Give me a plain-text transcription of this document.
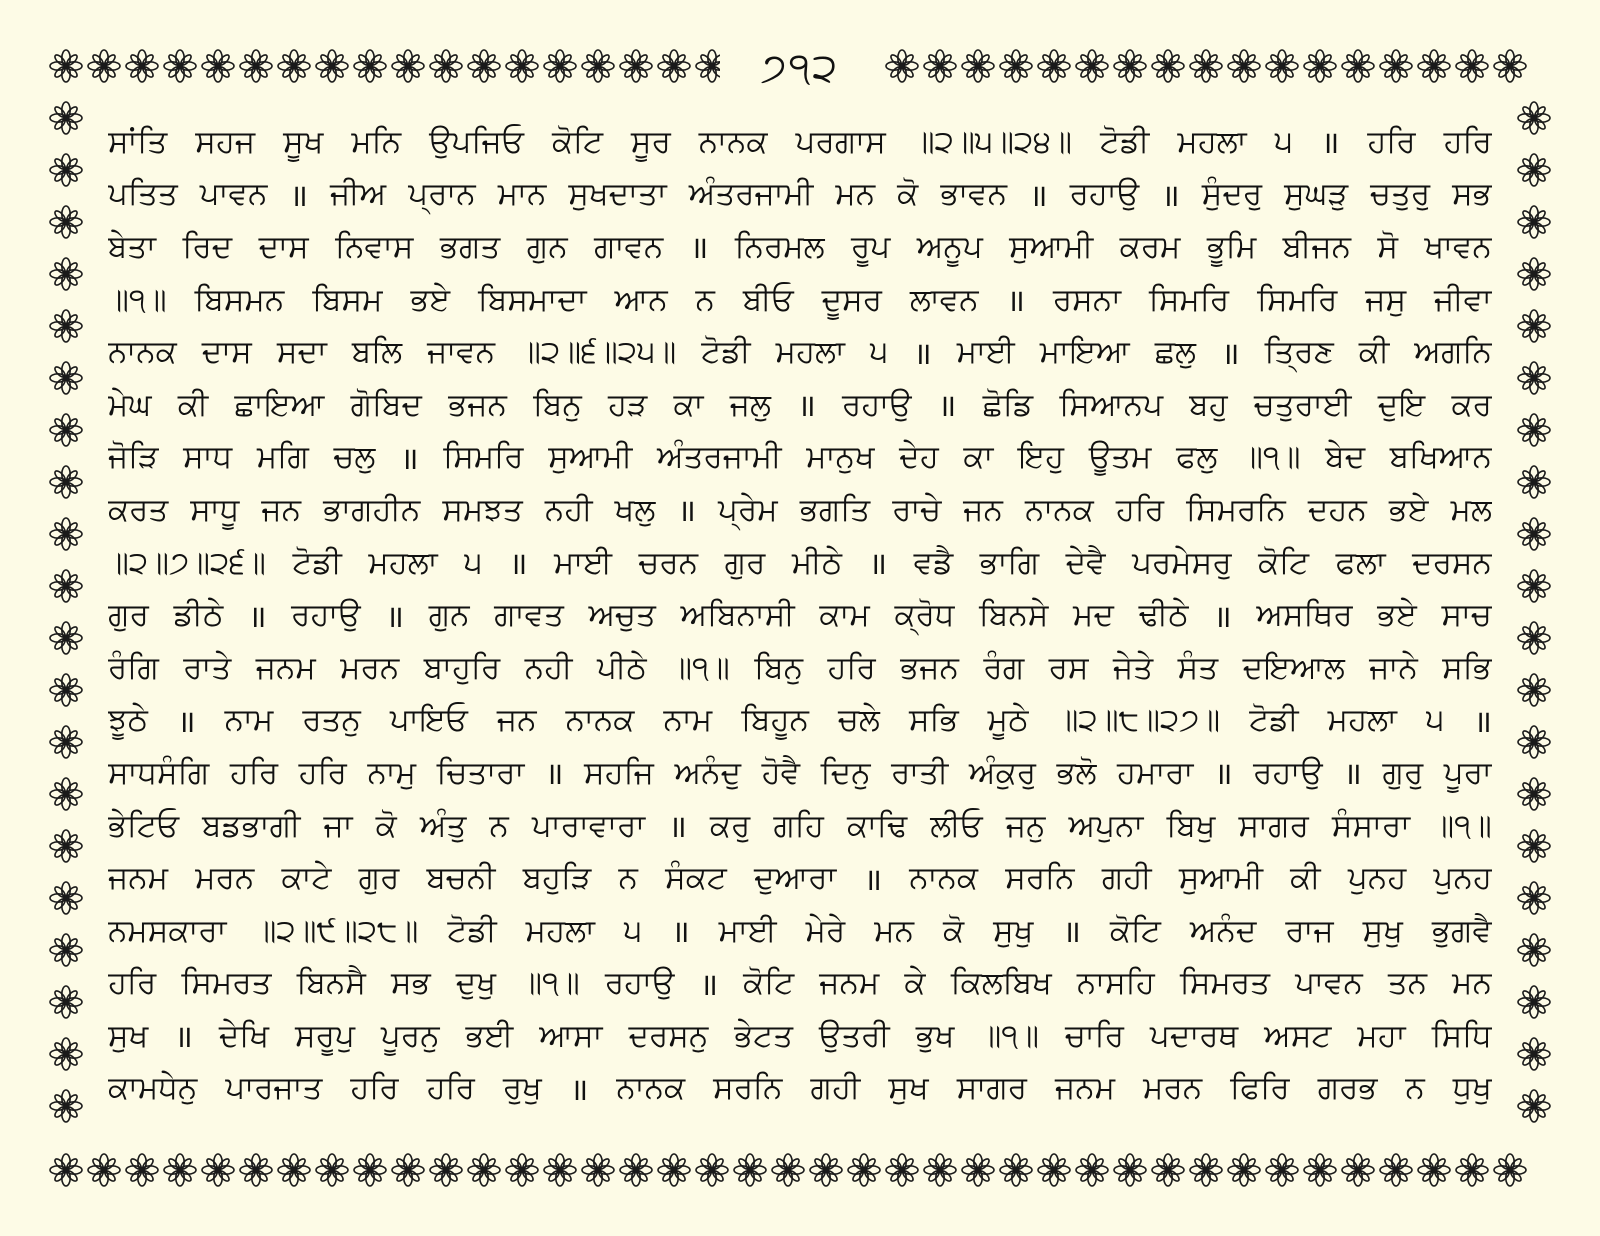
੭੧੨
ਸਾਂਤਿ ਸਹਜ ਸੂਖ ਮਨਿ ਉਪਜਿਓ ਕੋਟਿ ਸੂਰ ਨਾਨਕ ਪਰਗਾਸ ॥੨॥੫॥੨੪॥ ਟੋਡੀ ਮਹਲਾ ੫ ॥ ਹਰਿ ਹਰਿ
ਪਤਿਤ ਪਾਵਨ ॥ ਜੀਅ ਪ੍ਰਾਨ ਮਾਨ ਸੁਖਦਾਤਾ ਅੰਤਰਜਾਮੀ ਮਨ ਕੋ ਭਾਵਨ ॥ ਰਹਾਉ ॥ ਸੁੰਦਰੁ ਸੁਘੜੁ ਚਤੁਰੁ ਸਭ
ਬੇਤਾ ਰਿਦ ਦਾਸ ਨਿਵਾਸ ਭਗਤ ਗੁਨ ਗਾਵਨ ॥ ਨਿਰਮਲ ਰੂਪ ਅਨੂਪ ਸੁਆਮੀ ਕਰਮ ਭੂਮਿ ਬੀਜਨ ਸੋ ਖਾਵਨ
॥੧॥ ਬਿਸਮਨ ਬਿਸਮ ਭਏ ਬਿਸਮਾਦਾ ਆਨ ਨ ਬੀਓ ਦੂਸਰ ਲਾਵਨ ॥ ਰਸਨਾ ਸਿਮਰਿ ਸਿਮਰਿ ਜਸੁ ਜੀਵਾ
ਨਾਨਕ ਦਾਸ ਸਦਾ ਬਲਿ ਜਾਵਨ ॥੨॥੬॥੨੫॥ ਟੋਡੀ ਮਹਲਾ ੫ ॥ ਮਾਈ ਮਾਇਆ ਛਲੁ ॥ ਤ੍ਰਿਣ ਕੀ ਅਗਨਿ
ਮੇਘ ਕੀ ਛਾਇਆ ਗੋਬਿਦ ਭਜਨ ਬਿਨੁ ਹੜ ਕਾ ਜਲੁ ॥ ਰਹਾਉ ॥ ਛੋਡਿ ਸਿਆਨਪ ਬਹੁ ਚਤੁਰਾਈ ਦੁਇ ਕਰ
ਜੋੜਿ ਸਾਧ ਮਗਿ ਚਲੁ ॥ ਸਿਮਰਿ ਸੁਆਮੀ ਅੰਤਰਜਾਮੀ ਮਾਨੁਖ ਦੇਹ ਕਾ ਇਹੁ ਊਤਮ ਫਲੁ ॥੧॥ ਬੇਦ ਬਖਿਆਨ
ਕਰਤ ਸਾਧੂ ਜਨ ਭਾਗਹੀਨ ਸਮਝਤ ਨਹੀ ਖਲੁ ॥ ਪ੍ਰੇਮ ਭਗਤਿ ਰਾਚੇ ਜਨ ਨਾਨਕ ਹਰਿ ਸਿਮਰਨਿ ਦਹਨ ਭਏ ਮਲ
॥੨॥੭॥੨੬॥ ਟੋਡੀ ਮਹਲਾ ੫ ॥ ਮਾਈ ਚਰਨ ਗੁਰ ਮੀਠੇ ॥ ਵਡੈ ਭਾਗਿ ਦੇਵੈ ਪਰਮੇਸਰੁ ਕੋਟਿ ਫਲਾ ਦਰਸਨ
ਗੁਰ ਡੀਠੇ ॥ ਰਹਾਉ ॥ ਗੁਨ ਗਾਵਤ ਅਚੁਤ ਅਬਿਨਾਸੀ ਕਾਮ ਕ੍ਰੋਧ ਬਿਨਸੇ ਮਦ ਢੀਠੇ ॥ ਅਸਥਿਰ ਭਏ ਸਾਚ
ਰੰਗਿ ਰਾਤੇ ਜਨਮ ਮਰਨ ਬਾਹੁਰਿ ਨਹੀ ਪੀਠੇ ॥੧॥ ਬਿਨੁ ਹਰਿ ਭਜਨ ਰੰਗ ਰਸ ਜੇਤੇ ਸੰਤ ਦਇਆਲ ਜਾਨੇ ਸਭਿ
ਝੂਠੇ ॥ ਨਾਮ ਰਤਨੁ ਪਾਇਓ ਜਨ ਨਾਨਕ ਨਾਮ ਬਿਹੂਨ ਚਲੇ ਸਭਿ ਮੂਠੇ ॥੨॥੮॥੨੭॥ ਟੋਡੀ ਮਹਲਾ ੫ ॥
ਸਾਧਸੰਗਿ ਹਰਿ ਹਰਿ ਨਾਮੁ ਚਿਤਾਰਾ ॥ ਸਹਜਿ ਅਨੰਦੁ ਹੋਵੈ ਦਿਨੁ ਰਾਤੀ ਅੰਕੁਰੁ ਭਲੋ ਹਮਾਰਾ ॥ ਰਹਾਉ ॥ ਗੁਰੁ ਪੂਰਾ
ਭੇਟਿਓ ਬਡਭਾਗੀ ਜਾ ਕੋ ਅੰਤੁ ਨ ਪਾਰਾਵਾਰਾ ॥ ਕਰੁ ਗਹਿ ਕਾਢਿ ਲੀਓ ਜਨੁ ਅਪੁਨਾ ਬਿਖੁ ਸਾਗਰ ਸੰਸਾਰਾ ॥੧॥
ਜਨਮ ਮਰਨ ਕਾਟੇ ਗੁਰ ਬਚਨੀ ਬਹੁੜਿ ਨ ਸੰਕਟ ਦੁਆਰਾ ॥ ਨਾਨਕ ਸਰਨਿ ਗਹੀ ਸੁਆਮੀ ਕੀ ਪੁਨਹ ਪੁਨਹ
ਨਮਸਕਾਰਾ ॥੨॥੯॥੨੮॥ ਟੋਡੀ ਮਹਲਾ ੫ ॥ ਮਾਈ ਮੇਰੇ ਮਨ ਕੋ ਸੁਖੁ ॥ ਕੋਟਿ ਅਨੰਦ ਰਾਜ ਸੁਖੁ ਭੁਗਵੈ
ਹਰਿ ਸਿਮਰਤ ਬਿਨਸੈ ਸਭ ਦੁਖੁ ॥੧॥ ਰਹਾਉ ॥ ਕੋਟਿ ਜਨਮ ਕੇ ਕਿਲਬਿਖ ਨਾਸਹਿ ਸਿਮਰਤ ਪਾਵਨ ਤਨ ਮਨ
ਸੁਖ ॥ ਦੇਖਿ ਸਰੂਪੁ ਪੂਰਨੁ ਭਈ ਆਸਾ ਦਰਸਨੁ ਭੇਟਤ ਉਤਰੀ ਭੁਖ ॥੧॥ ਚਾਰਿ ਪਦਾਰਥ ਅਸਟ ਮਹਾ ਸਿਧਿ
ਕਾਮਧੇਨੁ ਪਾਰਜਾਤ ਹਰਿ ਹਰਿ ਰੁਖੁ ॥ ਨਾਨਕ ਸਰਨਿ ਗਹੀ ਸੁਖ ਸਾਗਰ ਜਨਮ ਮਰਨ ਫਿਰਿ ਗਰਭ ਨ ਧੁਖੁ
